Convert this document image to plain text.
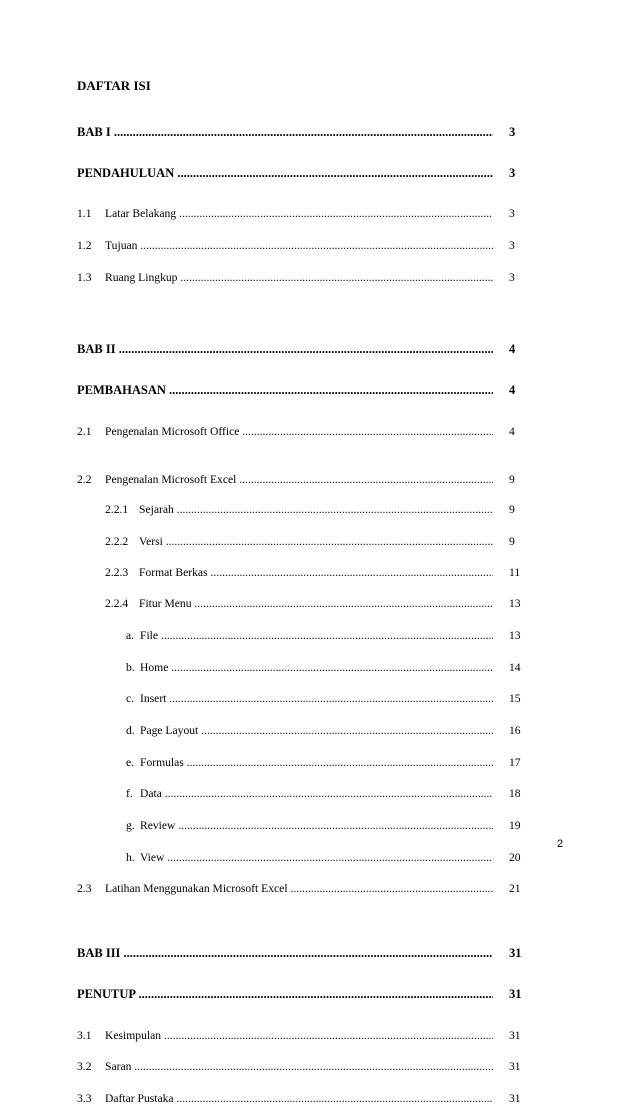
DAFTAR ISI
BAB I .....	3
PENDAHULUAN .....	3
1.1 Latar Belakang .....	3
1.2 Tujuan .....	3
1.3 Ruang Lingkup .....	3
BAB II .....	4
PEMBAHASAN .....	4
2.1 Pengenalan Microsoft Office .....	4
2.2 Pengenalan Microsoft Excel .....	9
2.2.1 Sejarah .....	9
2.2.2 Versi .....	9
2.2.3 Format Berkas .....	11
2.2.4 Fitur Menu .....	13
a. File .....	13
b. Home .....	14
c. Insert .....	15
d. Page Layout .....	16
e. Formulas .....	17
f. Data .....	18
g. Review .....	19
h. View .....	20
2.3 Latihan Menggunakan Microsoft Excel .....	21
BAB III .....	31
PENUTUP .....	31
3.1 Kesimpulan .....	31
3.2 Saran .....	31
3.3 Daftar Pustaka .....	31
2
